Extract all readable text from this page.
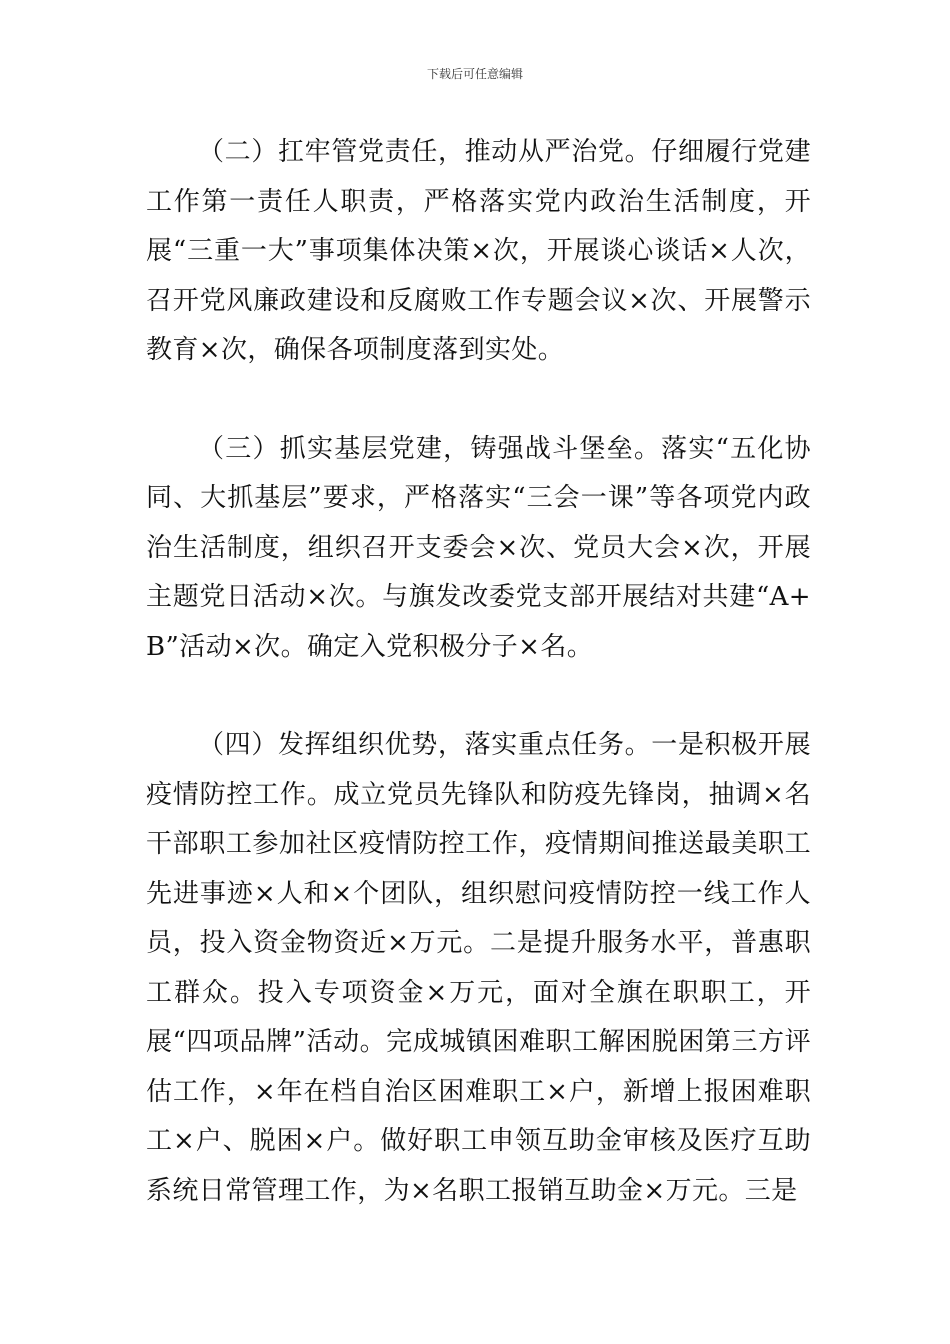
下载后可任意编辑

（二）扛牢管党责任，推动从严治党。仔细履行党建工作第一责任人职责，严格落实党内政治生活制度，开展“三重一大”事项集体决策×次，开展谈心谈话×人次，召开党风廉政建设和反腐败工作专题会议×次、开展警示教育×次，确保各项制度落到实处。

（三）抓实基层党建，铸强战斗堡垒。落实“五化协同、大抓基层”要求，严格落实“三会一课”等各项党内政治生活制度，组织召开支委会×次、党员大会×次，开展主题党日活动×次。与旗发改委党支部开展结对共建“A+B”活动×次。确定入党积极分子×名。

（四）发挥组织优势，落实重点任务。一是积极开展疫情防控工作。成立党员先锋队和防疫先锋岗，抽调×名干部职工参加社区疫情防控工作，疫情期间推送最美职工先进事迹×人和×个团队，组织慰问疫情防控一线工作人员，投入资金物资近×万元。二是提升服务水平，普惠职工群众。投入专项资金×万元，面对全旗在职职工，开展“四项品牌”活动。完成城镇困难职工解困脱困第三方评估工作，×年在档自治区困难职工×户，新增上报困难职工×户、脱困×户。做好职工申领互助金审核及医疗互助系统日常管理工作，为×名职工报销互助金×万元。三是
